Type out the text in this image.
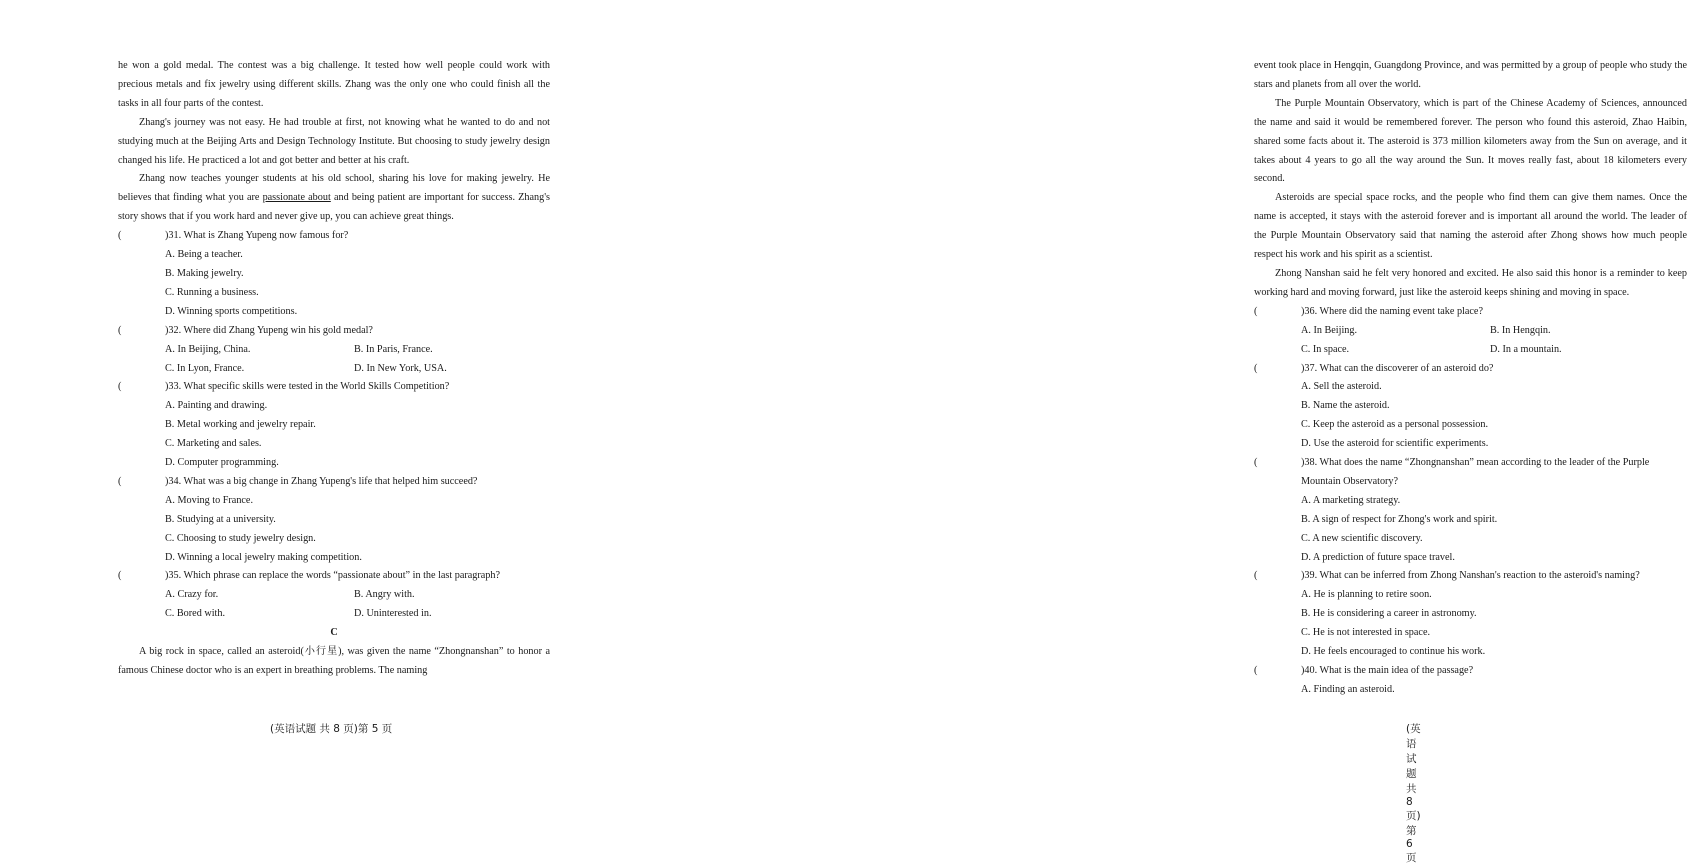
he won a gold medal. The contest was a big challenge. It tested how well people could work with precious metals and fix jewelry using different skills. Zhang was the only one who could finish all the tasks in all four parts of the contest.

Zhang's journey was not easy. He had trouble at first, not knowing what he wanted to do and not studying much at the Beijing Arts and Design Technology Institute. But choosing to study jewelry design changed his life. He practiced a lot and got better and better at his craft.

Zhang now teaches younger students at his old school, sharing his love for making jewelry. He believes that finding what you are passionate about and being patient are important for success. Zhang's story shows that if you work hard and never give up, you can achieve great things.

(	)31. What is Zhang Yupeng now famous for?

A. Being a teacher.

B. Making jewelry.

C. Running a business.

D. Winning sports competitions.

(	)32. Where did Zhang Yupeng win his gold medal?

A. In Beijing, China.	B. In Paris, France.
C. In Lyon, France.	D. In New York, USA.

(	)33. What specific skills were tested in the World Skills Competition?

A. Painting and drawing.

B. Metal working and jewelry repair.

C. Marketing and sales.

D. Computer programming.

(	)34. What was a big change in Zhang Yupeng's life that helped him succeed?

A. Moving to France.

B. Studying at a university.

C. Choosing to study jewelry design.

D. Winning a local jewelry making competition.

(	)35. Which phrase can replace the words “passionate about” in the last paragraph?

A. Crazy for.	B. Angry with.
C. Bored with.	D. Uninterested in.

C

A big rock in space, called an asteroid(小行星), was given the name “Zhongnanshan” to honor a famous Chinese doctor who is an expert in breathing problems. The naming

(英语试题 共 8 页)第 5 页

event took place in Hengqin, Guangdong Province, and was permitted by a group of people who study the stars and planets from all over the world.

The Purple Mountain Observatory, which is part of the Chinese Academy of Sciences, announced the name and said it would be remembered forever. The person who found this asteroid, Zhao Haibin, shared some facts about it. The asteroid is 373 million kilometers away from the Sun on average, and it takes about 4 years to go all the way around the Sun. It moves really fast, about 18 kilometers every second.

Asteroids are special space rocks, and the people who find them can give them names. Once the name is accepted, it stays with the asteroid forever and is important all around the world. The leader of the Purple Mountain Observatory said that naming the asteroid after Zhong shows how much people respect his work and his spirit as a scientist.

Zhong Nanshan said he felt very honored and excited. He also said this honor is a reminder to keep working hard and moving forward, just like the asteroid keeps shining and moving in space.

(	)36. Where did the naming event take place?

A. In Beijing.	B. In Hengqin.
C. In space.	D. In a mountain.

(	)37. What can the discoverer of an asteroid do?

A. Sell the asteroid.

B. Name the asteroid.

C. Keep the asteroid as a personal possession.

D. Use the asteroid for scientific experiments.

(	)38. What does the name “Zhongnanshan” mean according to the leader of the Purple Mountain Observatory?

A. A marketing strategy.

B. A sign of respect for Zhong's work and spirit.

C. A new scientific discovery.

D. A prediction of future space travel.

(	)39. What can be inferred from Zhong Nanshan's reaction to the asteroid's naming?

A. He is planning to retire soon.

B. He is considering a career in astronomy.

C. He is not interested in space.

D. He feels encouraged to continue his work.

(	)40. What is the main idea of the passage?

A. Finding an asteroid.

(英语试题 共 8 页)第 6 页
